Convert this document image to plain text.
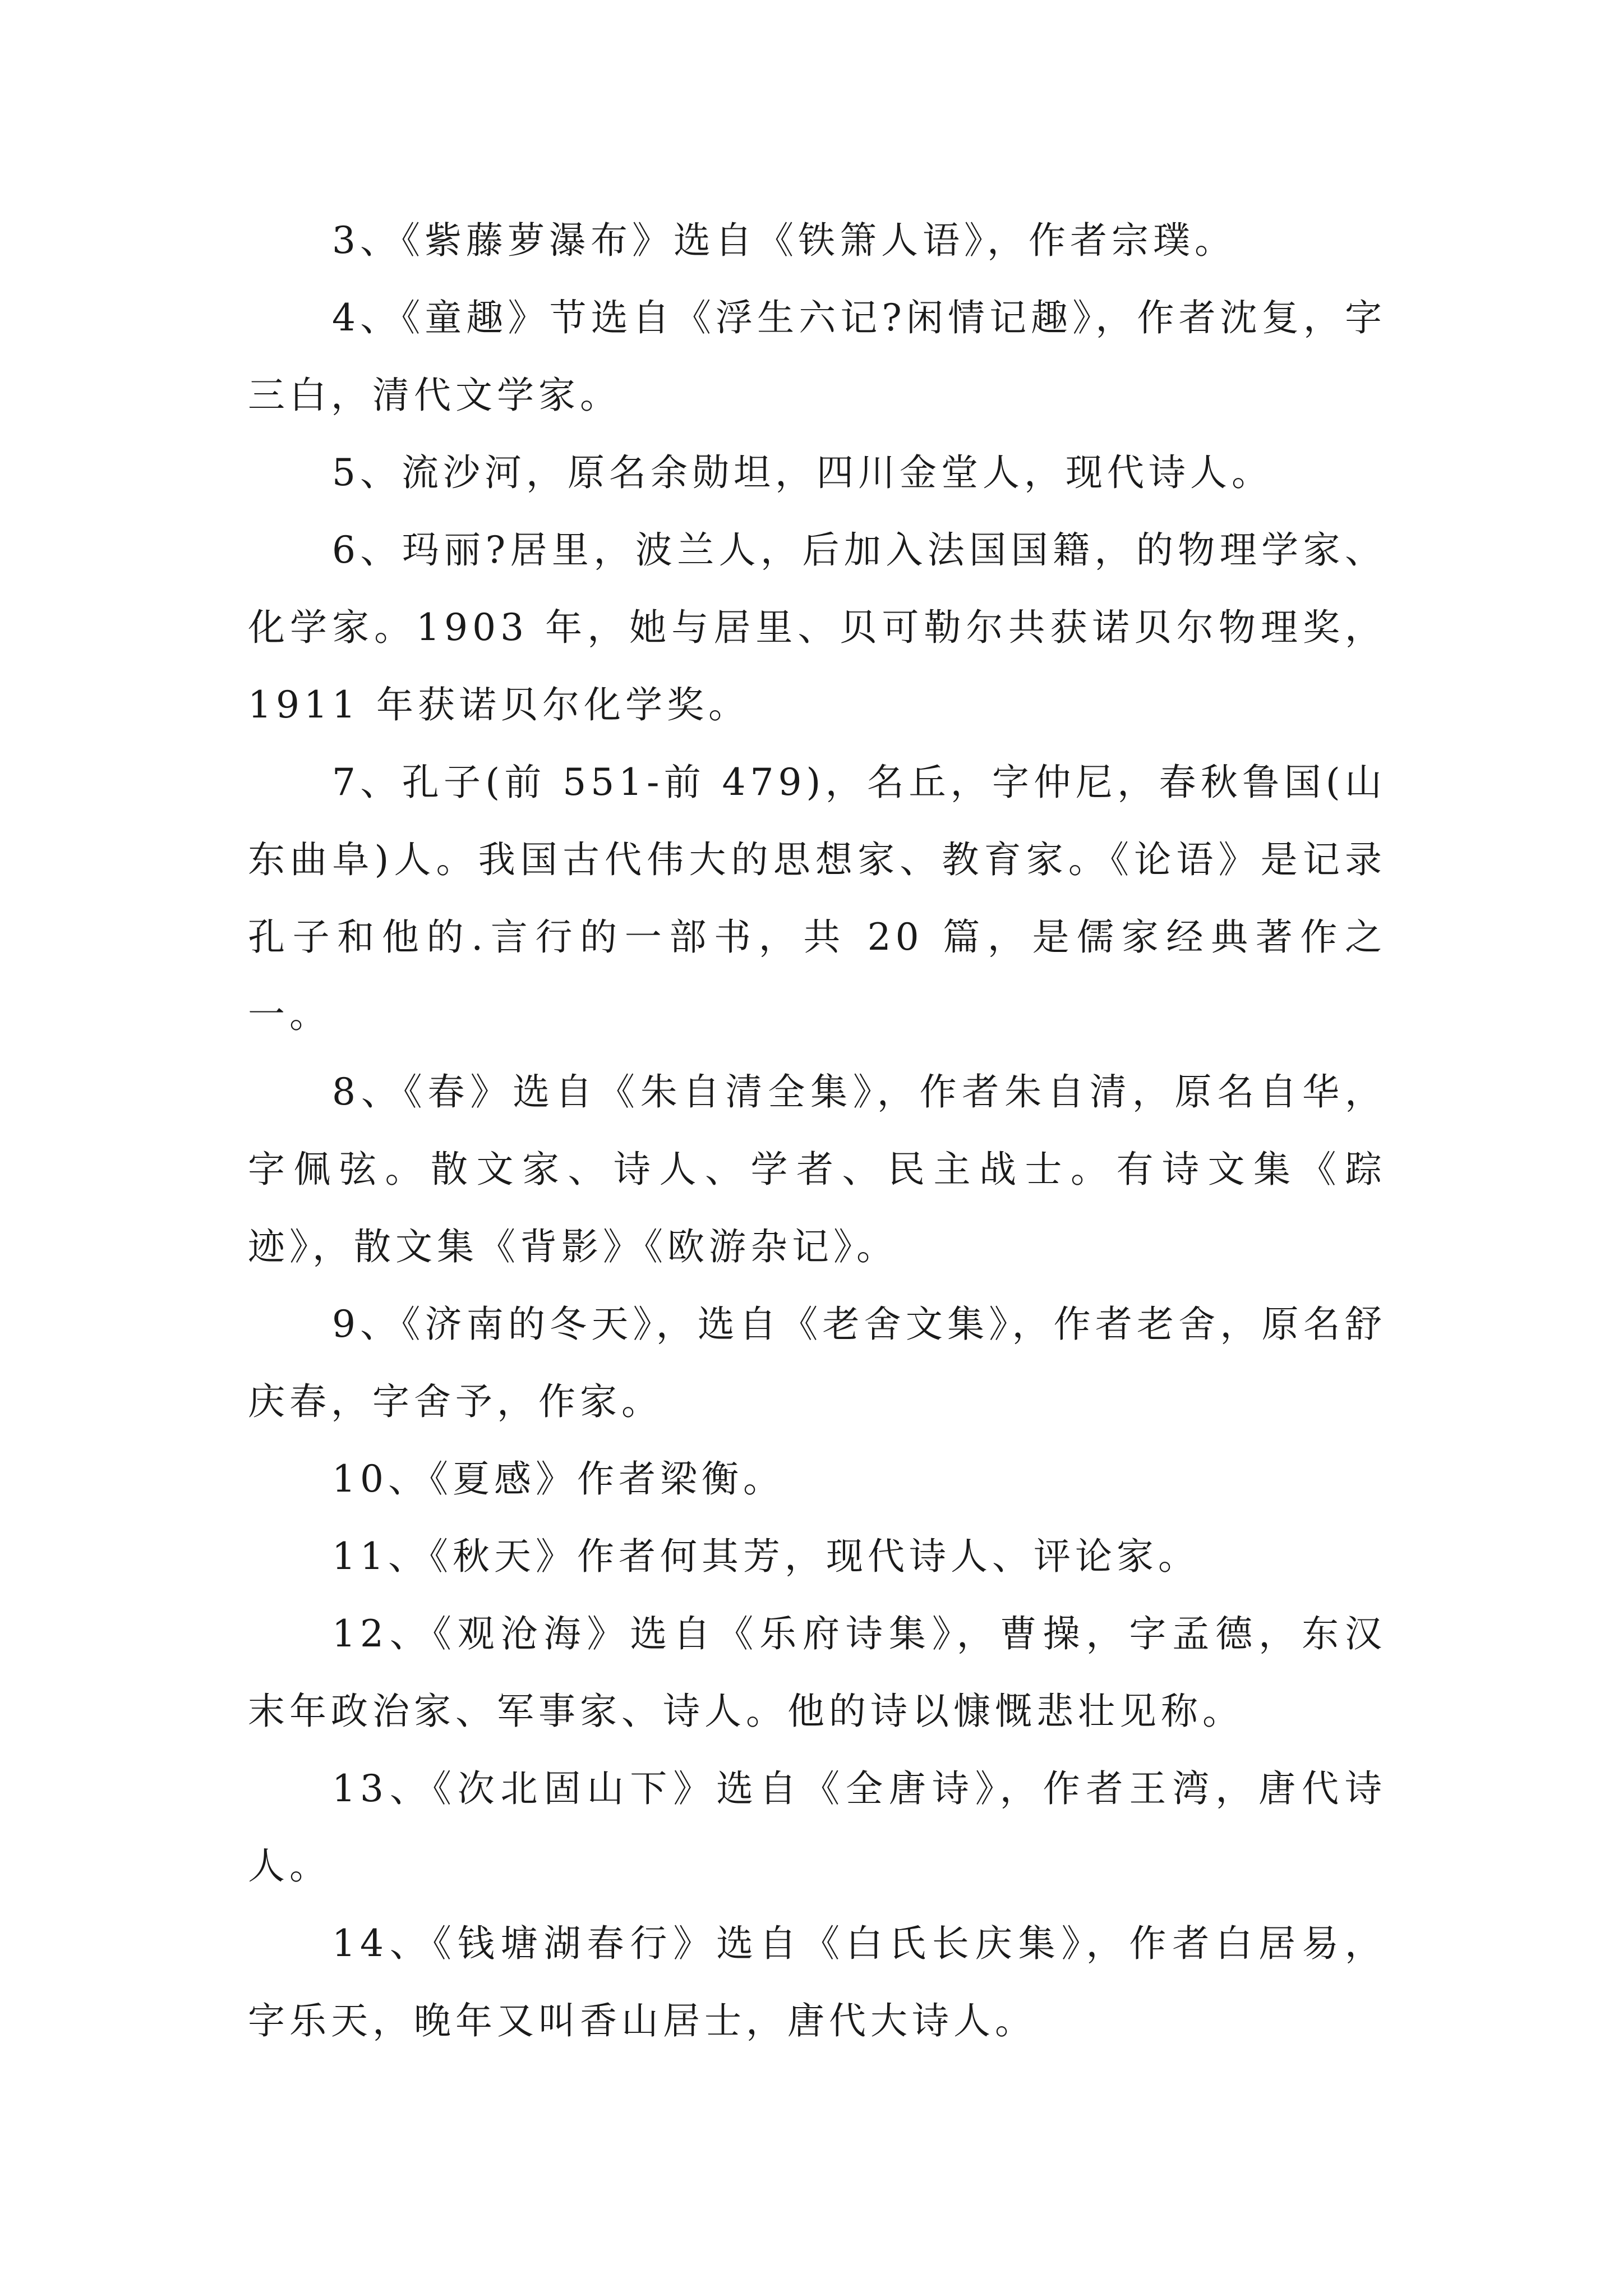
3、《紫藤萝瀑布》选自《铁箫人语》，作者宗璞。

4、《童趣》节选自《浮生六记?闲情记趣》，作者沈复，字三白，清代文学家。

5、流沙河，原名余勋坦，四川金堂人，现代诗人。

6、玛丽?居里，波兰人，后加入法国国籍，的物理学家、化学家。1903 年，她与居里、贝可勒尔共获诺贝尔物理奖，1911 年获诺贝尔化学奖。

7、孔子(前 551-前 479)，名丘，字仲尼，春秋鲁国(山东曲阜)人。我国古代伟大的思想家、教育家。《论语》是记录孔子和他的.言行的一部书，共 20 篇，是儒家经典著作之一。

8、《春》选自《朱自清全集》，作者朱自清，原名自华，字佩弦。散文家、诗人、学者、民主战士。有诗文集《踪迹》，散文集《背影》《欧游杂记》。

9、《济南的冬天》，选自《老舍文集》，作者老舍，原名舒庆春，字舍予，作家。

10、《夏感》作者梁衡。

11、《秋天》作者何其芳，现代诗人、评论家。

12、《观沧海》选自《乐府诗集》，曹操，字孟德，东汉末年政治家、军事家、诗人。他的诗以慷慨悲壮见称。

13、《次北固山下》选自《全唐诗》，作者王湾，唐代诗人。

14、《钱塘湖春行》选自《白氏长庆集》，作者白居易，字乐天，晚年又叫香山居士，唐代大诗人。
